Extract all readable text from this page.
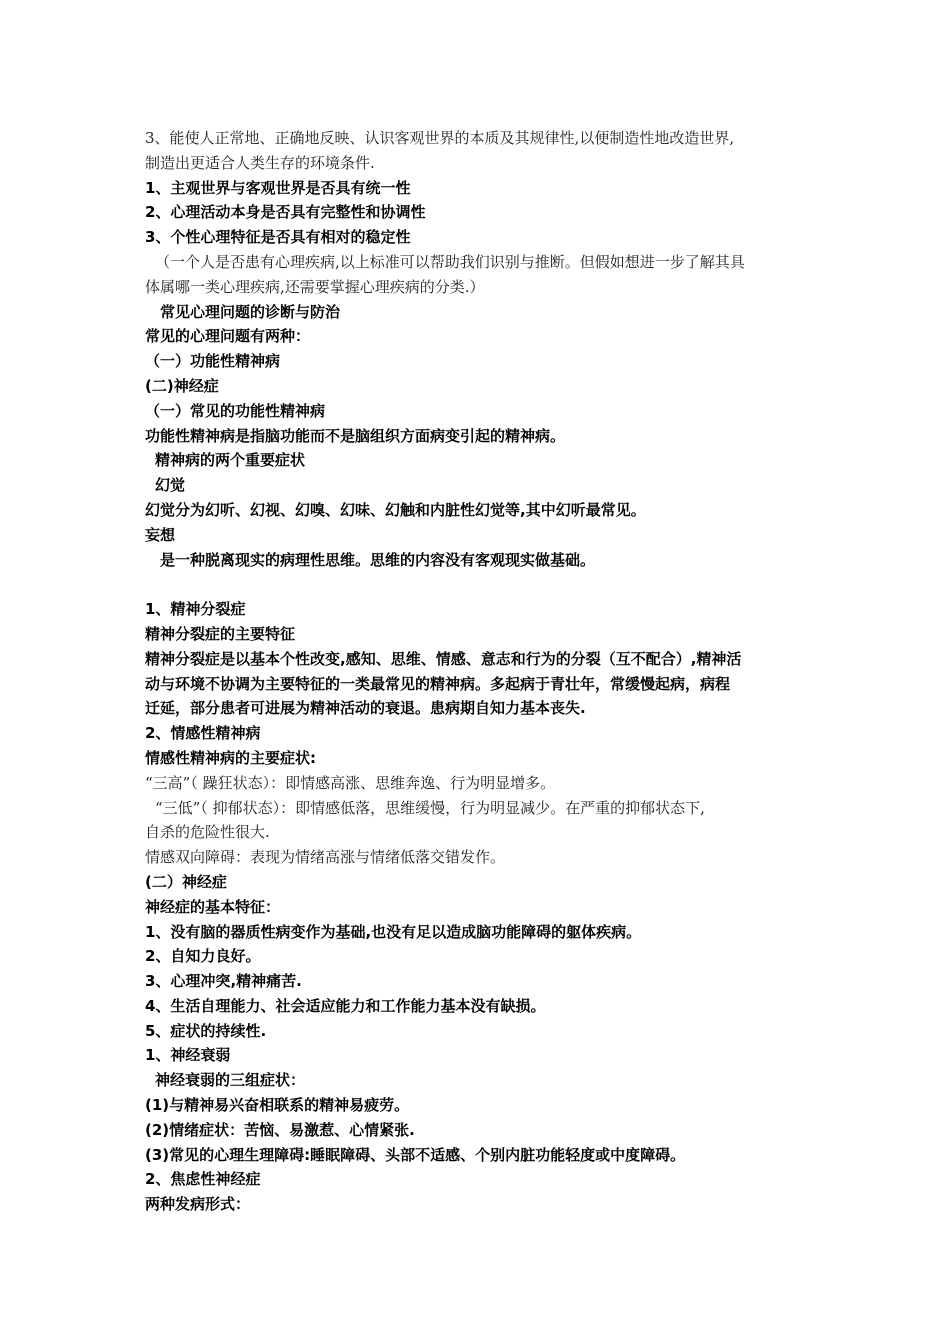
3、能使人正常地、正确地反映、认识客观世界的本质及其规律性,以便制造性地改造世界,
制造出更适合人类生存的环境条件.
1、主观世界与客观世界是否具有统一性
2、心理活动本身是否具有完整性和协调性
3、个性心理特征是否具有相对的稳定性
（一个人是否患有心理疾病,以上标准可以帮助我们识别与推断。但假如想进一步了解其具
体属哪一类心理疾病,还需要掌握心理疾病的分类.）
常见心理问题的诊断与防治
常见的心理问题有两种：
（一）功能性精神病
(二)神经症
（一）常见的功能性精神病
功能性精神病是指脑功能而不是脑组织方面病变引起的精神病。
精神病的两个重要症状
幻觉
幻觉分为幻听、幻视、幻嗅、幻味、幻触和内脏性幻觉等,其中幻听最常见。
妄想
是一种脱离现实的病理性思维。思维的内容没有客观现实做基础。
1、精神分裂症
精神分裂症的主要特征
精神分裂症是以基本个性改变,感知、思维、情感、意志和行为的分裂（互不配合）,精神活
动与环境不协调为主要特征的一类最常见的精神病。多起病于青壮年，常缓慢起病，病程
迁延，部分患者可进展为精神活动的衰退。患病期自知力基本丧失.
2、情感性精神病
情感性精神病的主要症状:
“三高”（ 躁狂状态）：即情感高涨、思维奔逸、行为明显增多。
“三低”（ 抑郁状态）：即情感低落，思维缓慢，行为明显减少。在严重的抑郁状态下,
自杀的危险性很大.
情感双向障碍：表现为情绪高涨与情绪低落交错发作。
(二）神经症
神经症的基本特征：
1、没有脑的器质性病变作为基础,也没有足以造成脑功能障碍的躯体疾病。
2、自知力良好。
3、心理冲突,精神痛苦.
4、生活自理能力、社会适应能力和工作能力基本没有缺损。
5、症状的持续性.
1、神经衰弱
神经衰弱的三组症状：
(1)与精神易兴奋相联系的精神易疲劳。
(2)情绪症状：苦恼、易激惹、心情紧张.
(3)常见的心理生理障碍:睡眠障碍、头部不适感、个别内脏功能轻度或中度障碍。
2、焦虑性神经症
两种发病形式：
